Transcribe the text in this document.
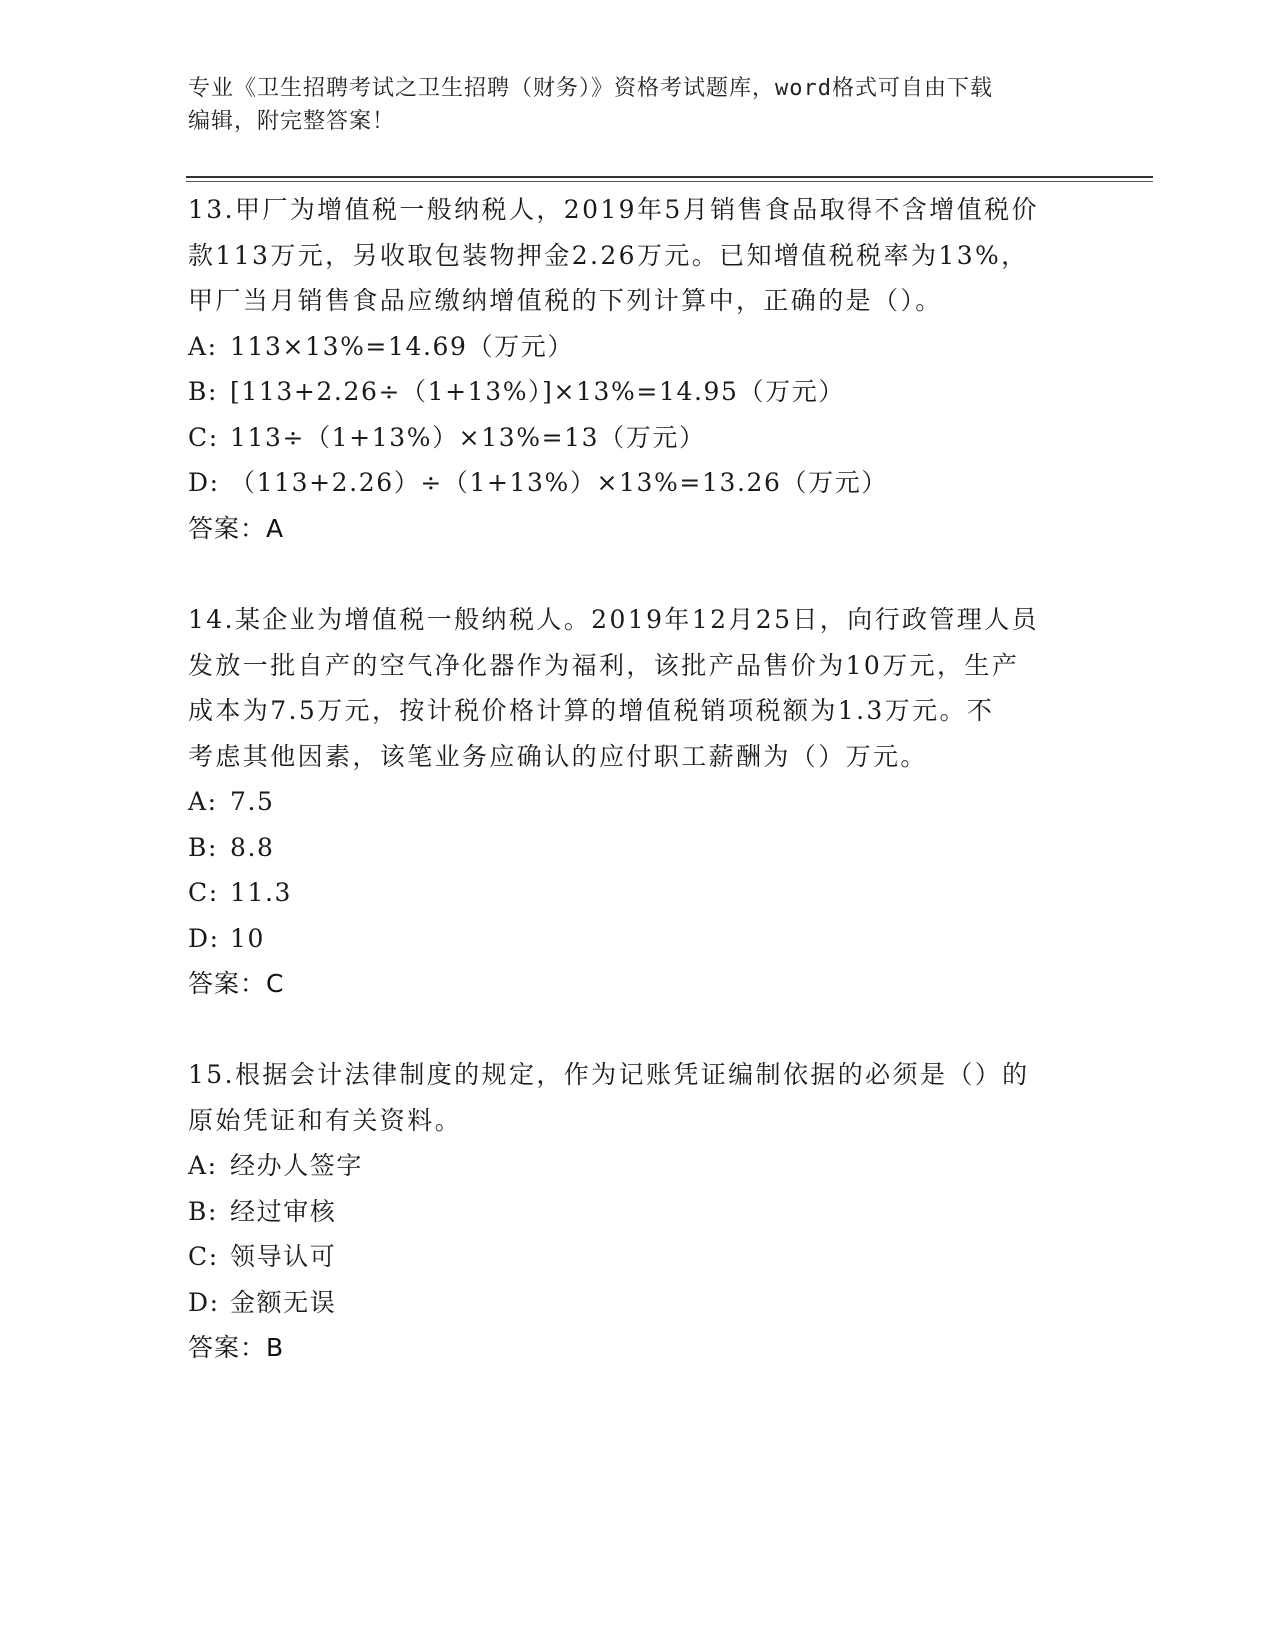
专业《卫生招聘考试之卫生招聘（财务）》资格考试题库，word格式可自由下载
编辑，附完整答案！

13.甲厂为增值税一般纳税人，2019年5月销售食品取得不含增值税价
款113万元，另收取包装物押金2.26万元。已知增值税税率为13%，
甲厂当月销售食品应缴纳增值税的下列计算中，正确的是（）。

A: 113×13%=14.69（万元）

B: [113+2.26÷（1+13%）]×13%=14.95（万元）

C: 113÷（1+13%）×13%=13（万元）

D: （113+2.26）÷（1+13%）×13%=13.26（万元）

答案：A

14.某企业为增值税一般纳税人。2019年12月25日，向行政管理人员
发放一批自产的空气净化器作为福利，该批产品售价为10万元，生产
成本为7.5万元，按计税价格计算的增值税销项税额为1.3万元。不
考虑其他因素，该笔业务应确认的应付职工薪酬为（）万元。

A: 7.5

B: 8.8

C: 11.3

D: 10

答案：C

15.根据会计法律制度的规定，作为记账凭证编制依据的必须是（）的
原始凭证和有关资料。

A: 经办人签字

B: 经过审核

C: 领导认可

D: 金额无误

答案：B
